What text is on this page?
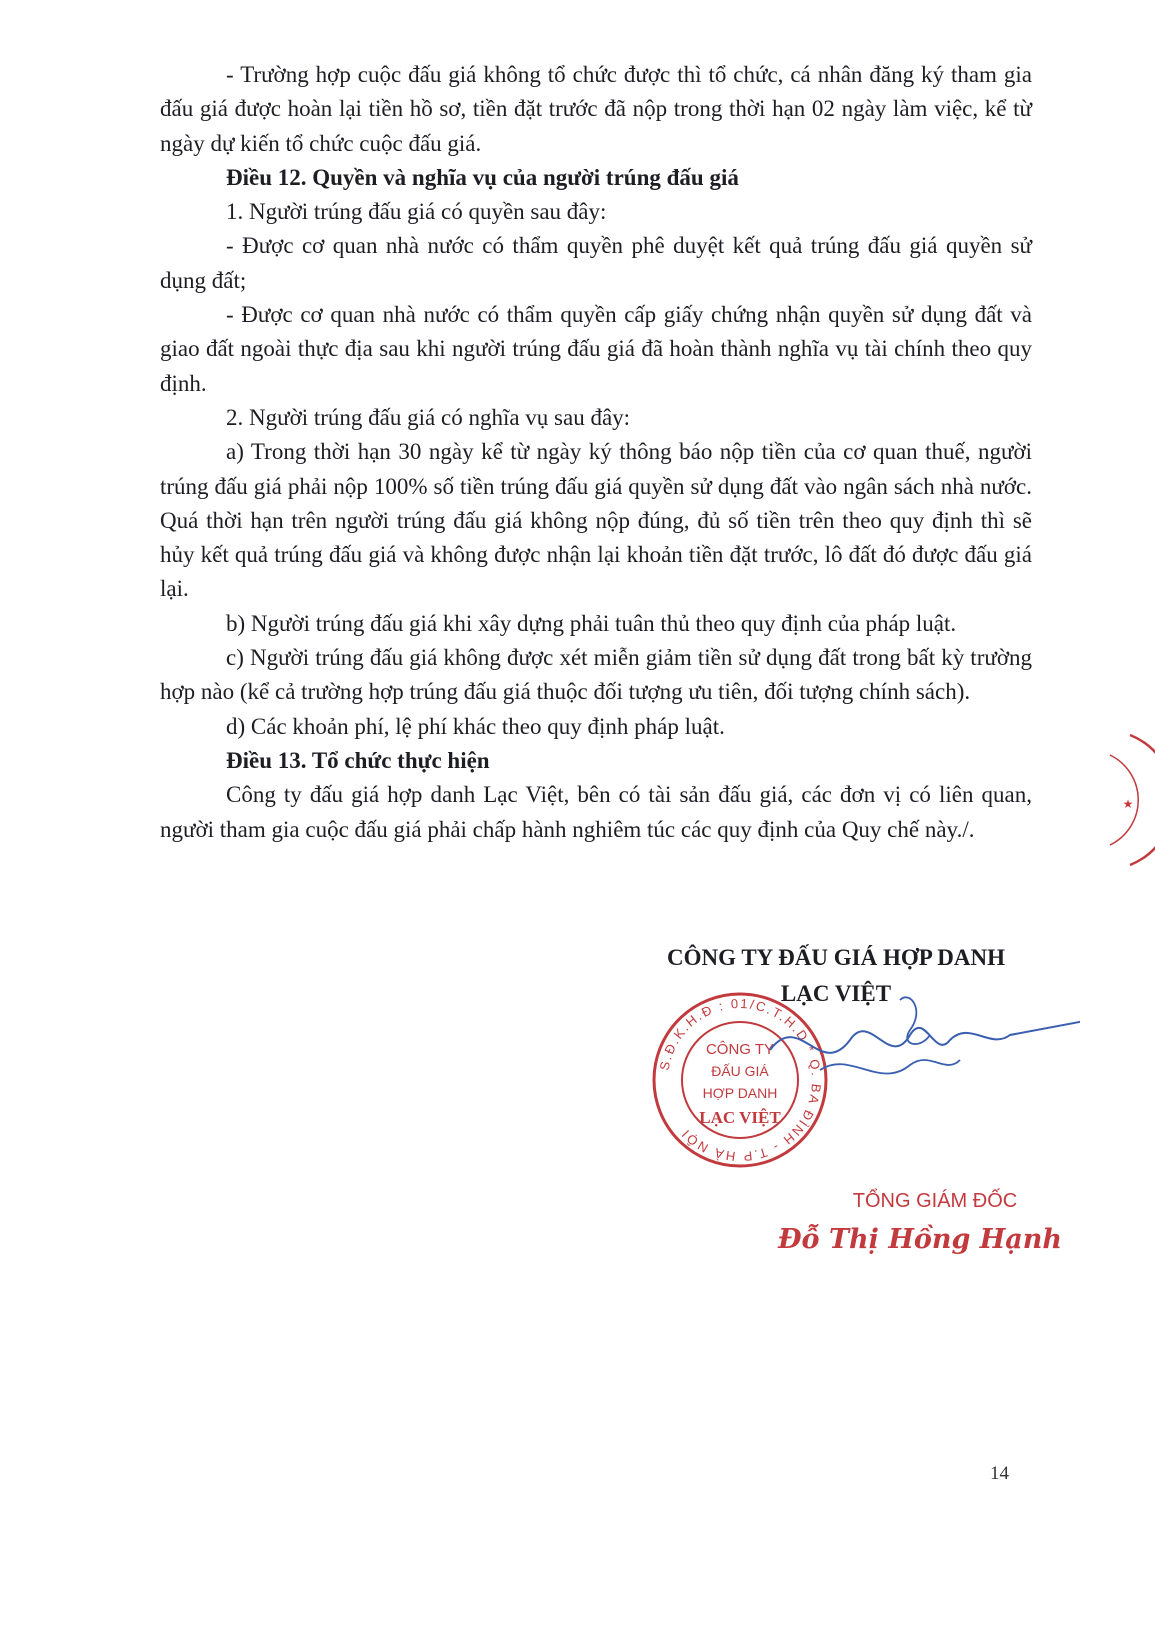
- Trường hợp cuộc đấu giá không tổ chức được thì tổ chức, cá nhân đăng ký tham gia đấu giá được hoàn lại tiền hồ sơ, tiền đặt trước đã nộp trong thời hạn 02 ngày làm việc, kể từ ngày dự kiến tổ chức cuộc đấu giá.

Điều 12. Quyền và nghĩa vụ của người trúng đấu giá

1. Người trúng đấu giá có quyền sau đây:

- Được cơ quan nhà nước có thẩm quyền phê duyệt kết quả trúng đấu giá quyền sử dụng đất;

- Được cơ quan nhà nước có thẩm quyền cấp giấy chứng nhận quyền sử dụng đất và giao đất ngoài thực địa sau khi người trúng đấu giá đã hoàn thành nghĩa vụ tài chính theo quy định.

2. Người trúng đấu giá có nghĩa vụ sau đây:

a) Trong thời hạn 30 ngày kể từ ngày ký thông báo nộp tiền của cơ quan thuế, người trúng đấu giá phải nộp 100% số tiền trúng đấu giá quyền sử dụng đất vào ngân sách nhà nước. Quá thời hạn trên người trúng đấu giá không nộp đúng, đủ số tiền trên theo quy định thì sẽ hủy kết quả trúng đấu giá và không được nhận lại khoản tiền đặt trước, lô đất đó được đấu giá lại.

b) Người trúng đấu giá khi xây dựng phải tuân thủ theo quy định của pháp luật.

c) Người trúng đấu giá không được xét miễn giảm tiền sử dụng đất trong bất kỳ trường hợp nào (kể cả trường hợp trúng đấu giá thuộc đối tượng ưu tiên, đối tượng chính sách).

d) Các khoản phí, lệ phí khác theo quy định pháp luật.

Điều 13. Tổ chức thực hiện

Công ty đấu giá hợp danh Lạc Việt, bên có tài sản đấu giá, các đơn vị có liên quan, người tham gia cuộc đấu giá phải chấp hành nghiêm túc các quy định của Quy chế này./.

CÔNG TY ĐẤU GIÁ HỢP DANH
LẠC VIỆT
S.Đ.K.H.Đ : 01/C.T.H.D * Q. BA ĐÌNH - T.P HÀ NỘI
CÔNG TY
ĐẤU GIÁ
HỢP DANH
LẠC VIỆT
TỔNG GIÁM ĐỐC
Đỗ Thị Hồng Hạnh
14
★
